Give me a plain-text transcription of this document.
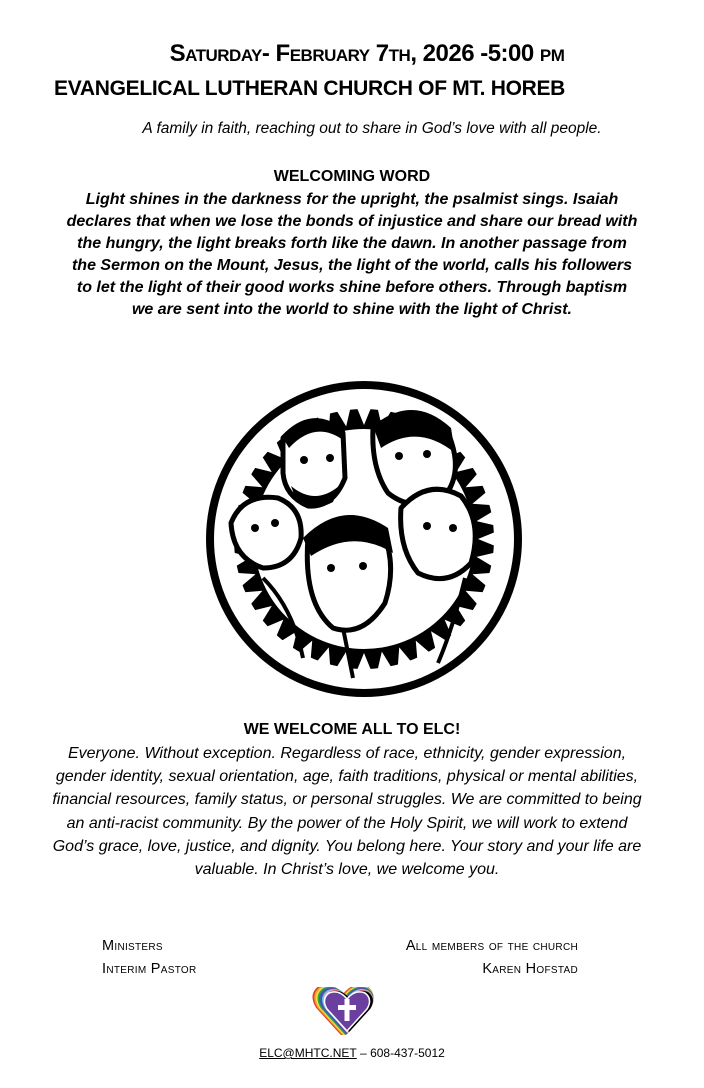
Saturday- February 7th, 2026 -5:00 pm
EVANGELICAL LUTHERAN CHURCH OF MT. HOREB
A family in faith, reaching out to share in God’s love with all people.
WELCOMING WORD
Light shines in the darkness for the upright, the psalmist sings. Isaiah declares that when we lose the bonds of injustice and share our bread with the hungry, the light breaks forth like the dawn. In another passage from the Sermon on the Mount, Jesus, the light of the world, calls his followers to let the light of their good works shine before others. Through baptism we are sent into the world to shine with the light of Christ.
WE WELCOME ALL TO ELC!
Everyone. Without exception. Regardless of race, ethnicity, gender expression, gender identity, sexual orientation, age, faith traditions, physical or mental abilities, financial resources, family status, or personal struggles. We are committed to being an anti-racist community. By the power of the Holy Spirit, we will work to extend God’s grace, love, justice, and dignity. You belong here. Your story and your life are valuable. In Christ’s love, we welcome you.
Ministers	All members of the church
Interim Pastor	Karen Hofstad
ELC@MHTC.NET – 608-437-5012
